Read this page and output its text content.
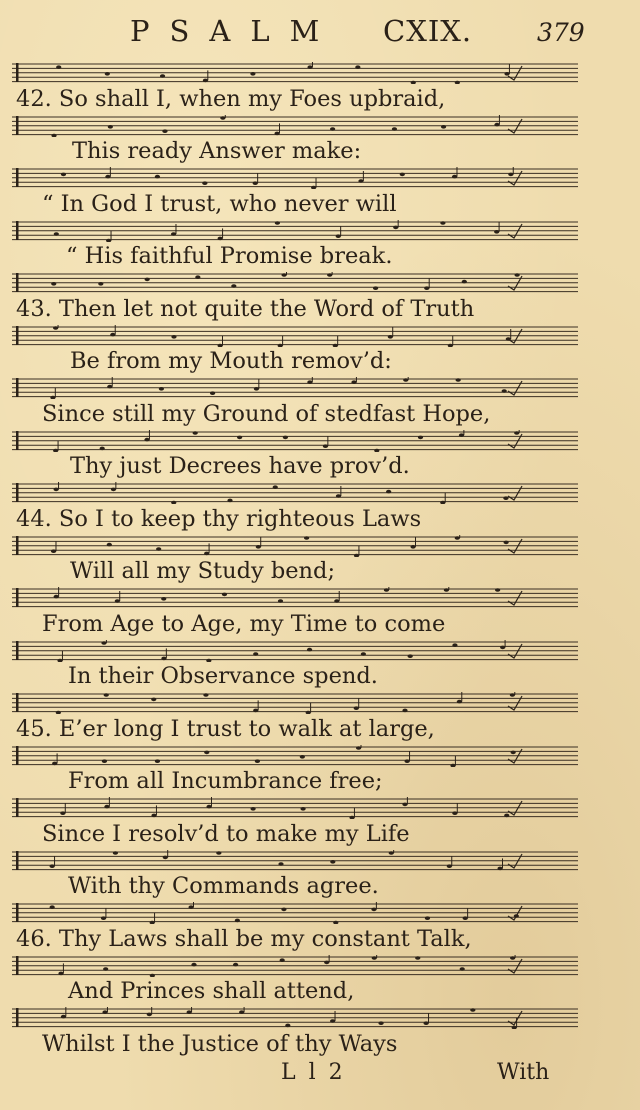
PSALM CXIX.	379
42. So shall I, when my Foes upbraid,
This ready Answer make:
“ In God I trust, who never will
“ His faithful Promise break.
43. Then let not quite the Word of Truth
Be from my Mouth remov’d:
Since still my Ground of stedfast Hope,
Thy just Decrees have prov’d.
44. So I to keep thy righteous Laws
Will all my Study bend;
From Age to Age, my Time to come
In their Observance spend.
45. E’er long I trust to walk at large,
From all Incumbrance free;
Since I resolv’d to make my Life
With thy Commands agree.
46. Thy Laws shall be my constant Talk,
And Princes shall attend,
Whilst I the Justice of thy Ways
L l 2	With
